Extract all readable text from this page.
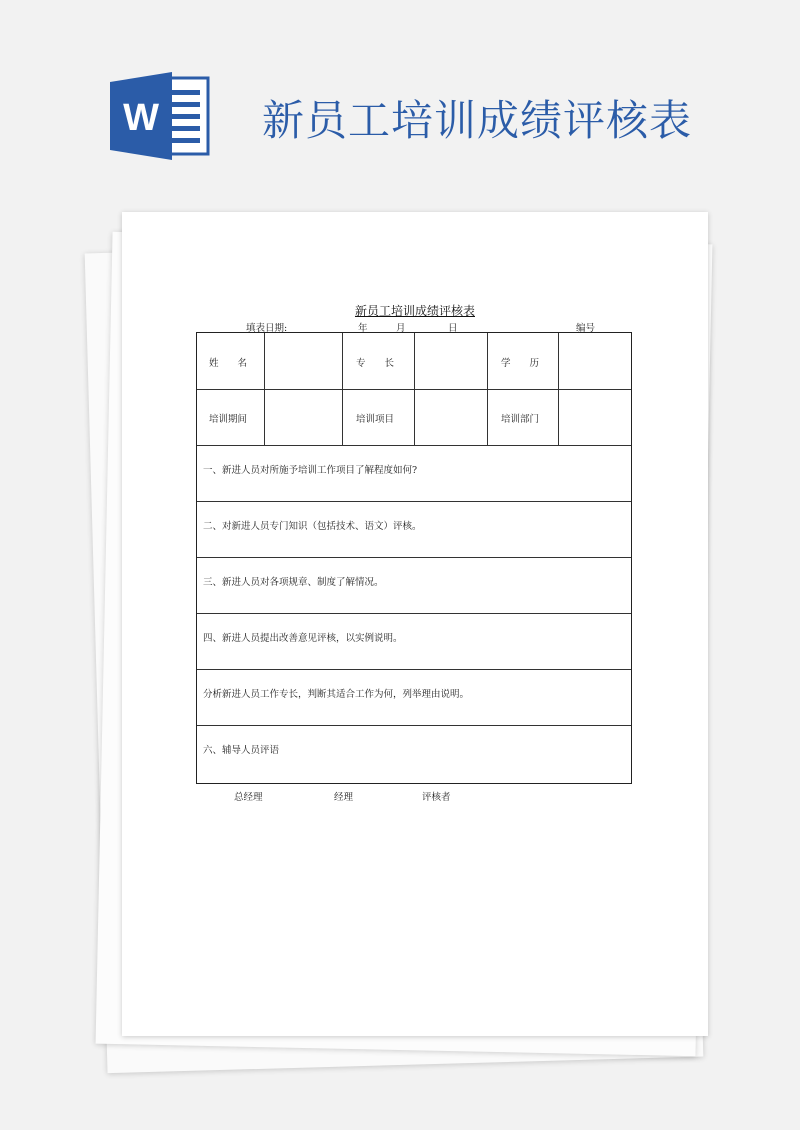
W 新员工培训成绩评核表
新员工培训成绩评核表
填表日期:	年	月	日	编号
姓　　名	专　　长	学　　历
培训期间	培训项目	培训部门
一、新进人员对所施予培训工作项目了解程度如何?
二、对新进人员专门知识（包括技术、语文）评核。
三、新进人员对各项规章、制度了解情况。
四、新进人员提出改善意见评核，以实例说明。
分析新进人员工作专长，判断其适合工作为何，列举理由说明。
六、辅导人员评语
总经理	经理	评核者
